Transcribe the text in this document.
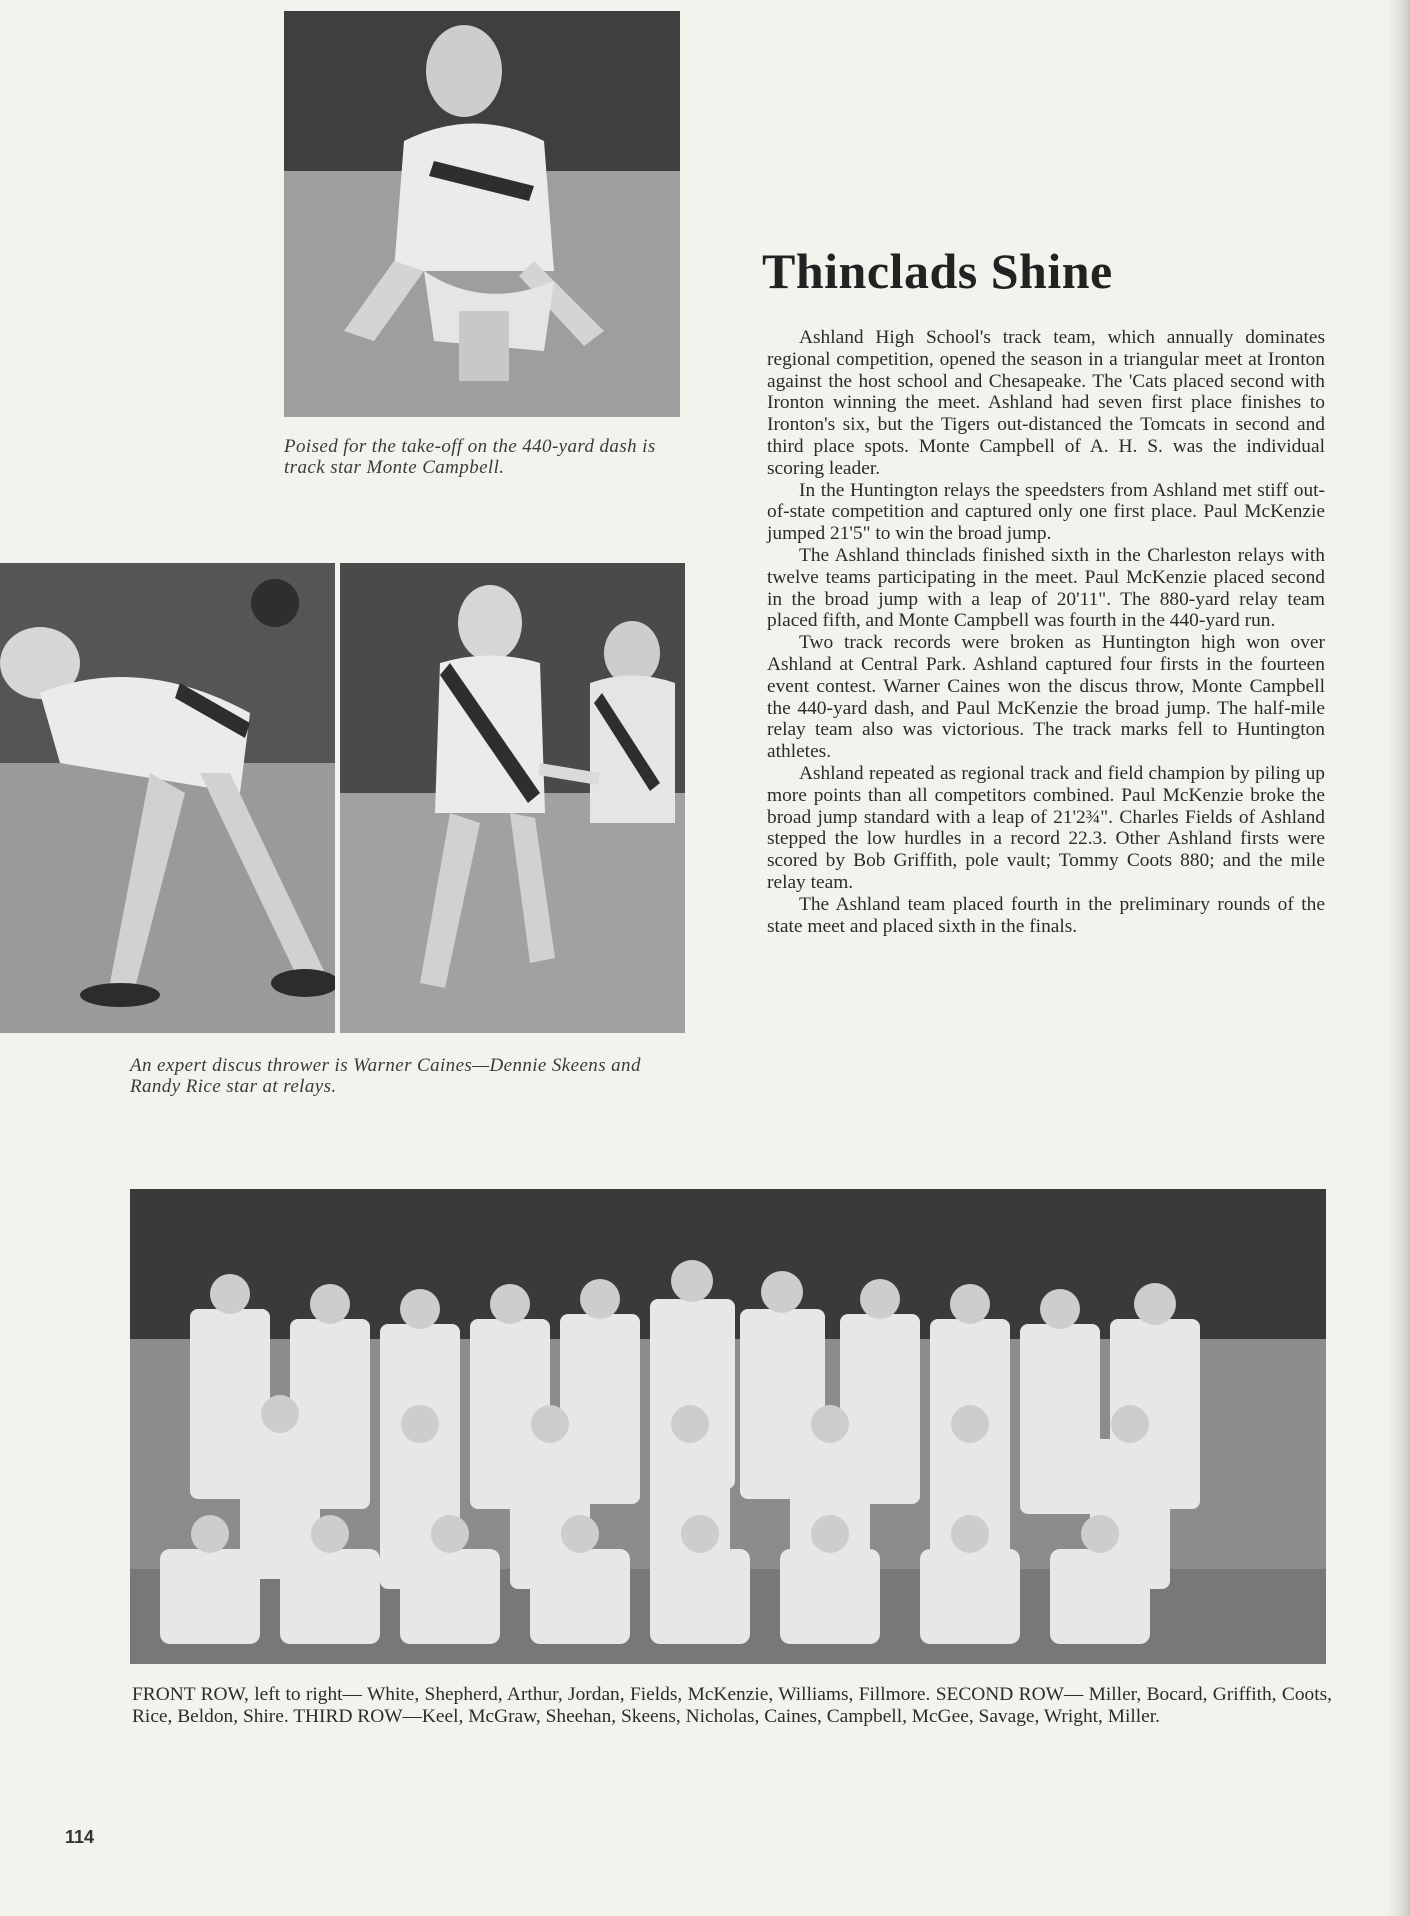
Poised for the take-off on the 440-yard dash is track star Monte Campbell.
An expert discus thrower is Warner Caines—Dennie Skeens and Randy Rice star at relays.
Thinclads Shine

Ashland High School's track team, which annually dominates regional competition, opened the season in a triangular meet at Ironton against the host school and Chesapeake. The 'Cats placed second with Ironton winning the meet. Ashland had seven first place finishes to Ironton's six, but the Tigers out-distanced the Tomcats in second and third place spots. Monte Campbell of A. H. S. was the individual scoring leader.

In the Huntington relays the speedsters from Ashland met stiff out-of-state competition and captured only one first place. Paul McKenzie jumped 21'5" to win the broad jump.

The Ashland thinclads finished sixth in the Charleston relays with twelve teams participating in the meet. Paul McKenzie placed second in the broad jump with a leap of 20'11". The 880-yard relay team placed fifth, and Monte Campbell was fourth in the 440-yard run.

Two track records were broken as Huntington high won over Ashland at Central Park. Ashland captured four firsts in the fourteen event contest. Warner Caines won the discus throw, Monte Campbell the 440-yard dash, and Paul McKenzie the broad jump. The half-mile relay team also was victorious. The track marks fell to Huntington athletes.

Ashland repeated as regional track and field champion by piling up more points than all competitors combined. Paul McKenzie broke the broad jump standard with a leap of 21'2¾". Charles Fields of Ashland stepped the low hurdles in a record 22.3. Other Ashland firsts were scored by Bob Griffith, pole vault; Tommy Coots 880; and the mile relay team.

The Ashland team placed fourth in the preliminary rounds of the state meet and placed sixth in the finals.

FRONT ROW, left to right— White, Shepherd, Arthur, Jordan, Fields, McKenzie, Williams, Fillmore. SECOND ROW— Miller, Bocard, Griffith, Coots, Rice, Beldon, Shire. THIRD ROW—Keel, McGraw, Sheehan, Skeens, Nicholas, Caines, Campbell, McGee, Savage, Wright, Miller.
114
